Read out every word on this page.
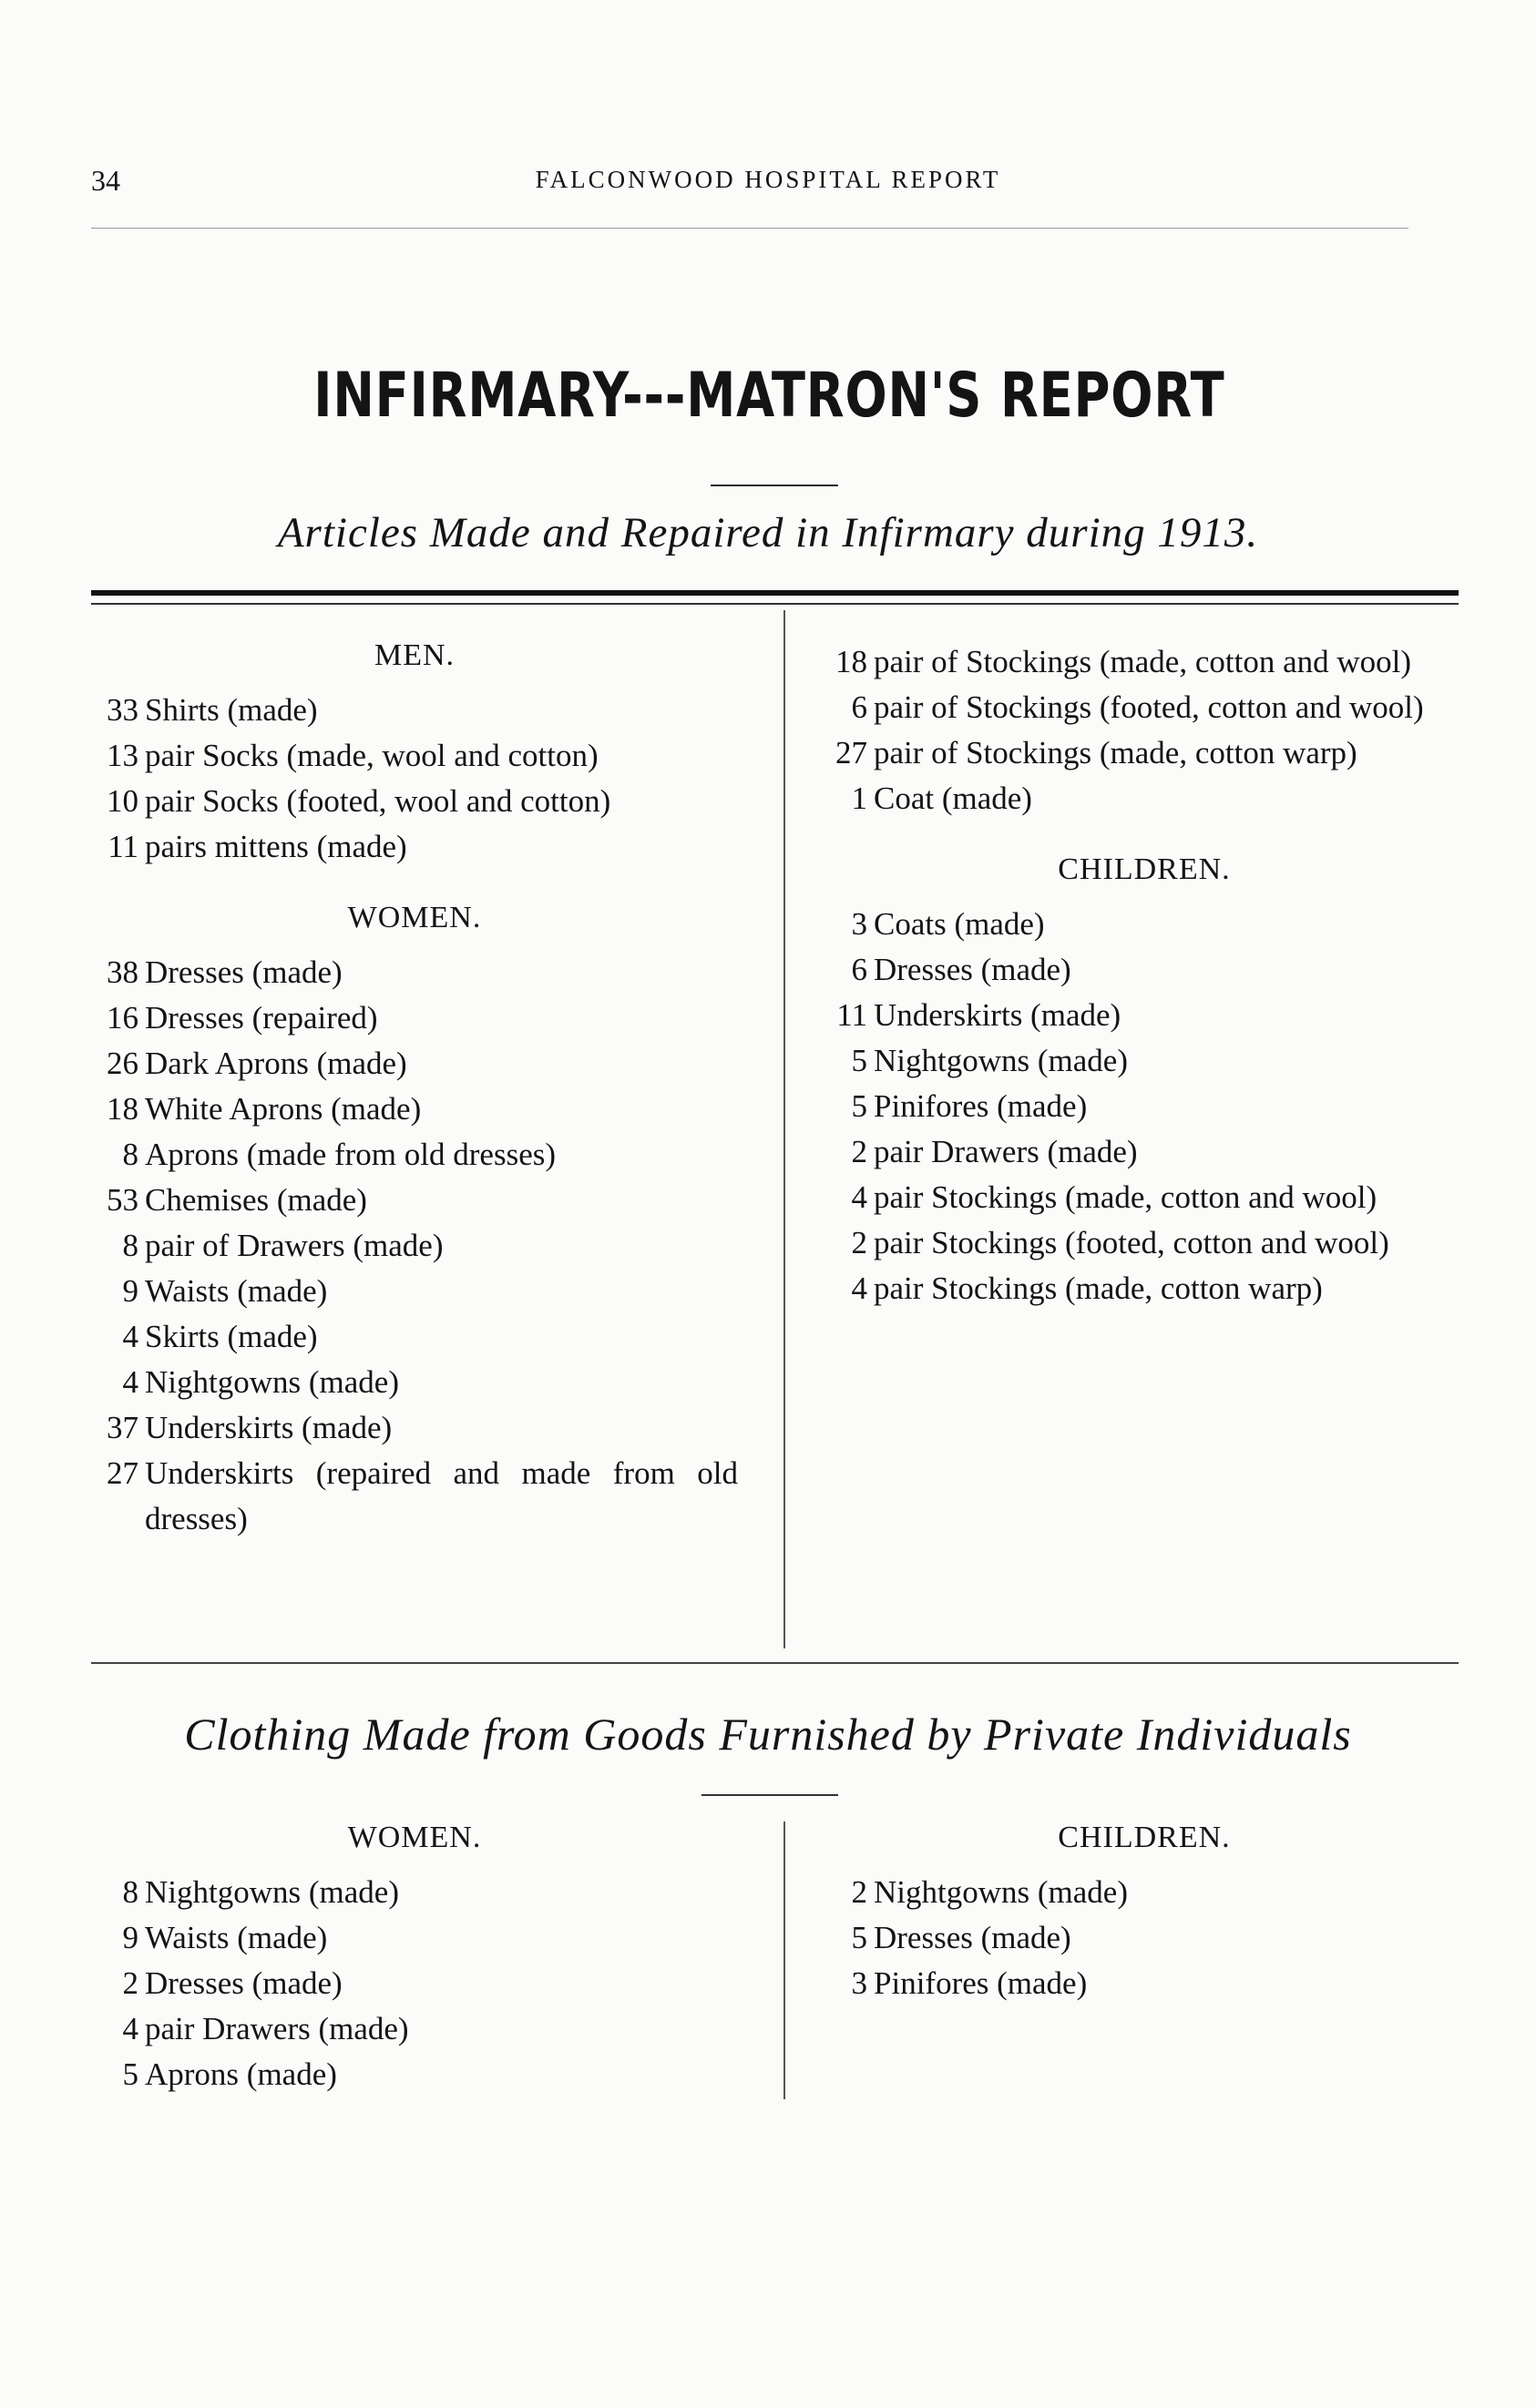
34	FALCONWOOD HOSPITAL REPORT
INFIRMARY---MATRON'S REPORT
Articles Made and Repaired in Infirmary during 1913.
MEN.
33 Shirts (made)
13 pair Socks (made, wool and cotton)
10 pair Socks (footed, wool and cotton)
11 pairs mittens (made)
WOMEN.
38 Dresses (made)
16 Dresses (repaired)
26 Dark Aprons (made)
18 White Aprons (made)
8 Aprons (made from old dresses)
53 Chemises (made)
8 pair of Drawers (made)
9 Waists (made)
4 Skirts (made)
4 Nightgowns (made)
37 Underskirts (made)
27 Underskirts (repaired and made from old dresses)
18 pair of Stockings (made, cotton and wool)
6 pair of Stockings (footed, cotton and wool)
27 pair of Stockings (made, cotton warp)
1 Coat (made)
CHILDREN.
3 Coats (made)
6 Dresses (made)
11 Underskirts (made)
5 Nightgowns (made)
5 Pinifores (made)
2 pair Drawers (made)
4 pair Stockings (made, cotton and wool)
2 pair Stockings (footed, cotton and wool)
4 pair Stockings (made, cotton warp)
Clothing Made from Goods Furnished by Private Individuals
WOMEN.
8 Nightgowns (made)
9 Waists (made)
2 Dresses (made)
4 pair Drawers (made)
5 Aprons (made)
CHILDREN.
2 Nightgowns (made)
5 Dresses (made)
3 Pinifores (made)
